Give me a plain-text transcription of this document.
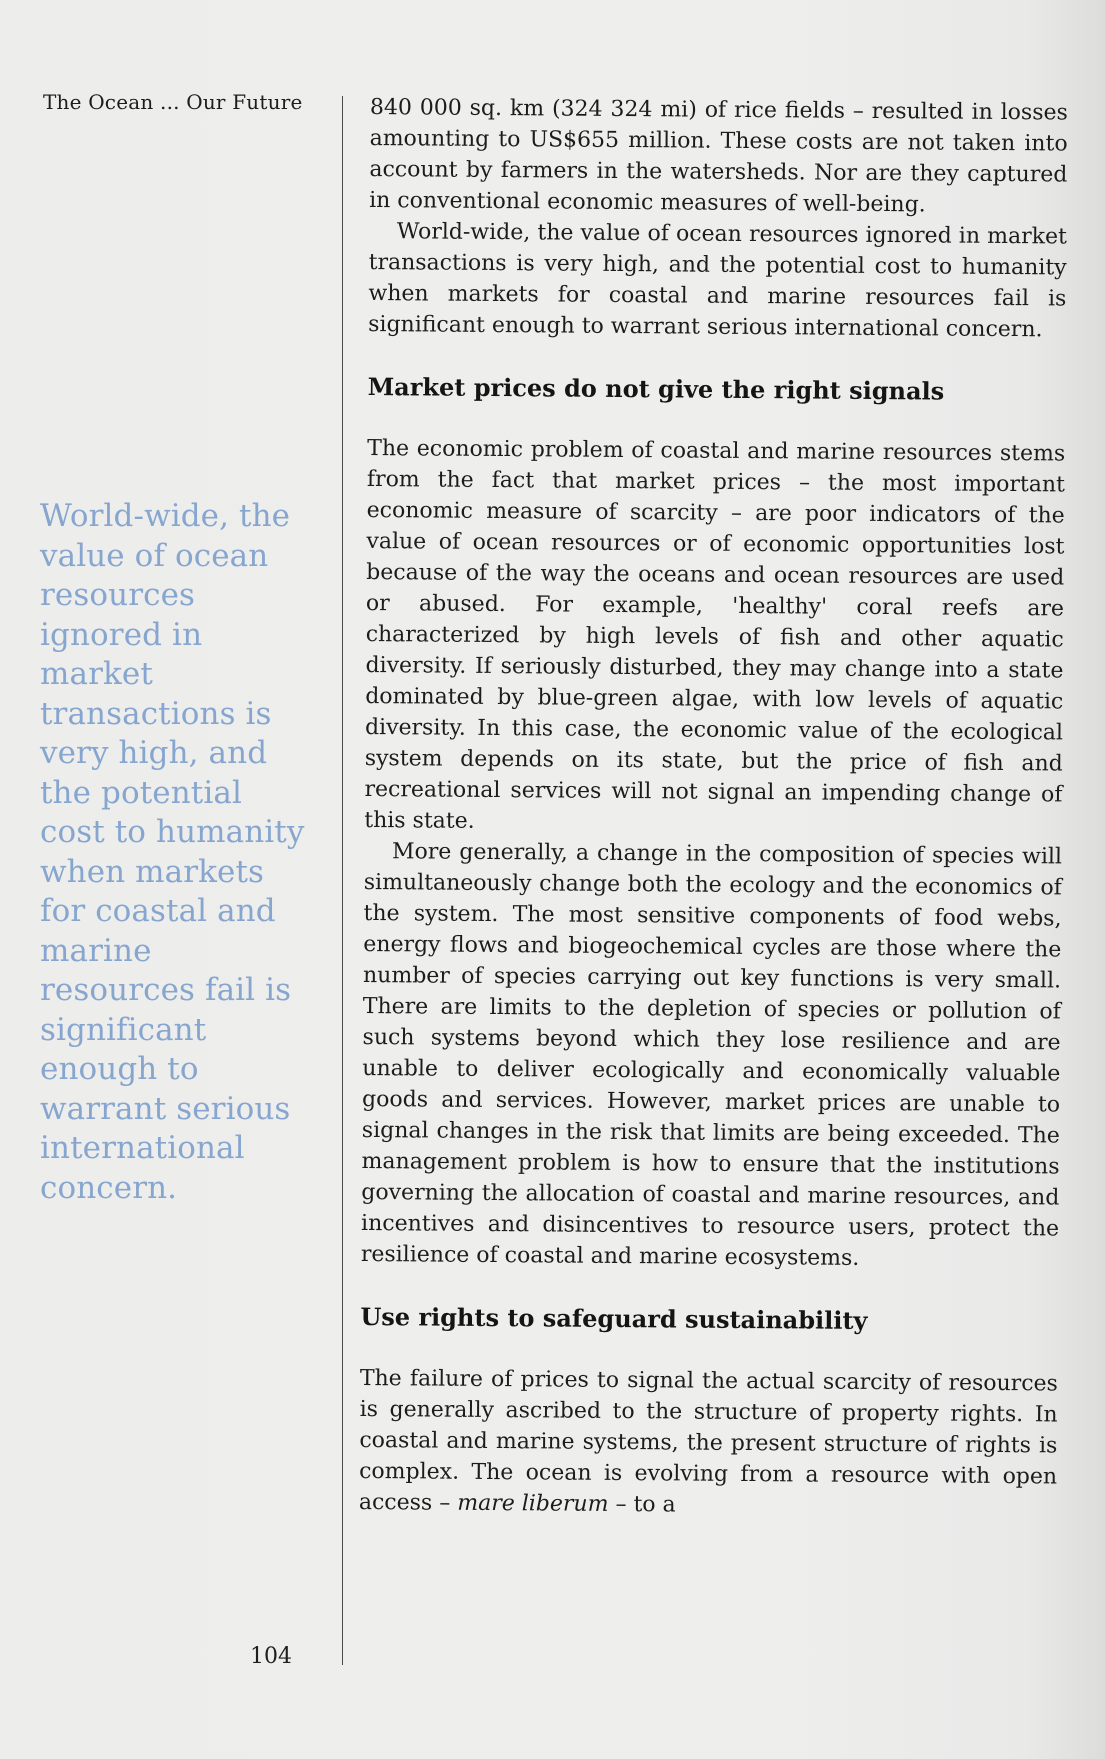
The Ocean ... Our Future
World-wide, the value of ocean resources ignored in market transactions is very high, and the potential cost to humanity when markets for coastal and marine resources fail is significant enough to warrant serious international concern.
104

840 000 sq. km (324 324 mi) of rice fields – resulted in losses amounting to US$655 million. These costs are not taken into account by farmers in the watersheds. Nor are they captured in conventional economic measures of well-being.

World-wide, the value of ocean resources ignored in market transactions is very high, and the potential cost to humanity when markets for coastal and marine resources fail is significant enough to warrant serious international concern.

Market prices do not give the right signals

The economic problem of coastal and marine resources stems from the fact that market prices – the most important economic measure of scarcity – are poor indicators of the value of ocean resources or of economic opportunities lost because of the way the oceans and ocean resources are used or abused. For example, 'healthy' coral reefs are characterized by high levels of fish and other aquatic diversity. If seriously disturbed, they may change into a state dominated by blue-green algae, with low levels of aquatic diversity. In this case, the economic value of the ecological system depends on its state, but the price of fish and recreational services will not signal an impending change of this state.

More generally, a change in the composition of species will simultaneously change both the ecology and the economics of the system. The most sensitive components of food webs, energy flows and biogeochemical cycles are those where the number of species carrying out key functions is very small. There are limits to the depletion of species or pollution of such systems beyond which they lose resilience and are unable to deliver ecologically and economically valuable goods and services. However, market prices are unable to signal changes in the risk that limits are being exceeded. The management problem is how to ensure that the institutions governing the allocation of coastal and marine resources, and incentives and disincentives to resource users, protect the resilience of coastal and marine ecosystems.

Use rights to safeguard sustainability

The failure of prices to signal the actual scarcity of resources is generally ascribed to the structure of property rights. In coastal and marine systems, the present structure of rights is complex. The ocean is evolving from a resource with open access – mare liberum – to a
